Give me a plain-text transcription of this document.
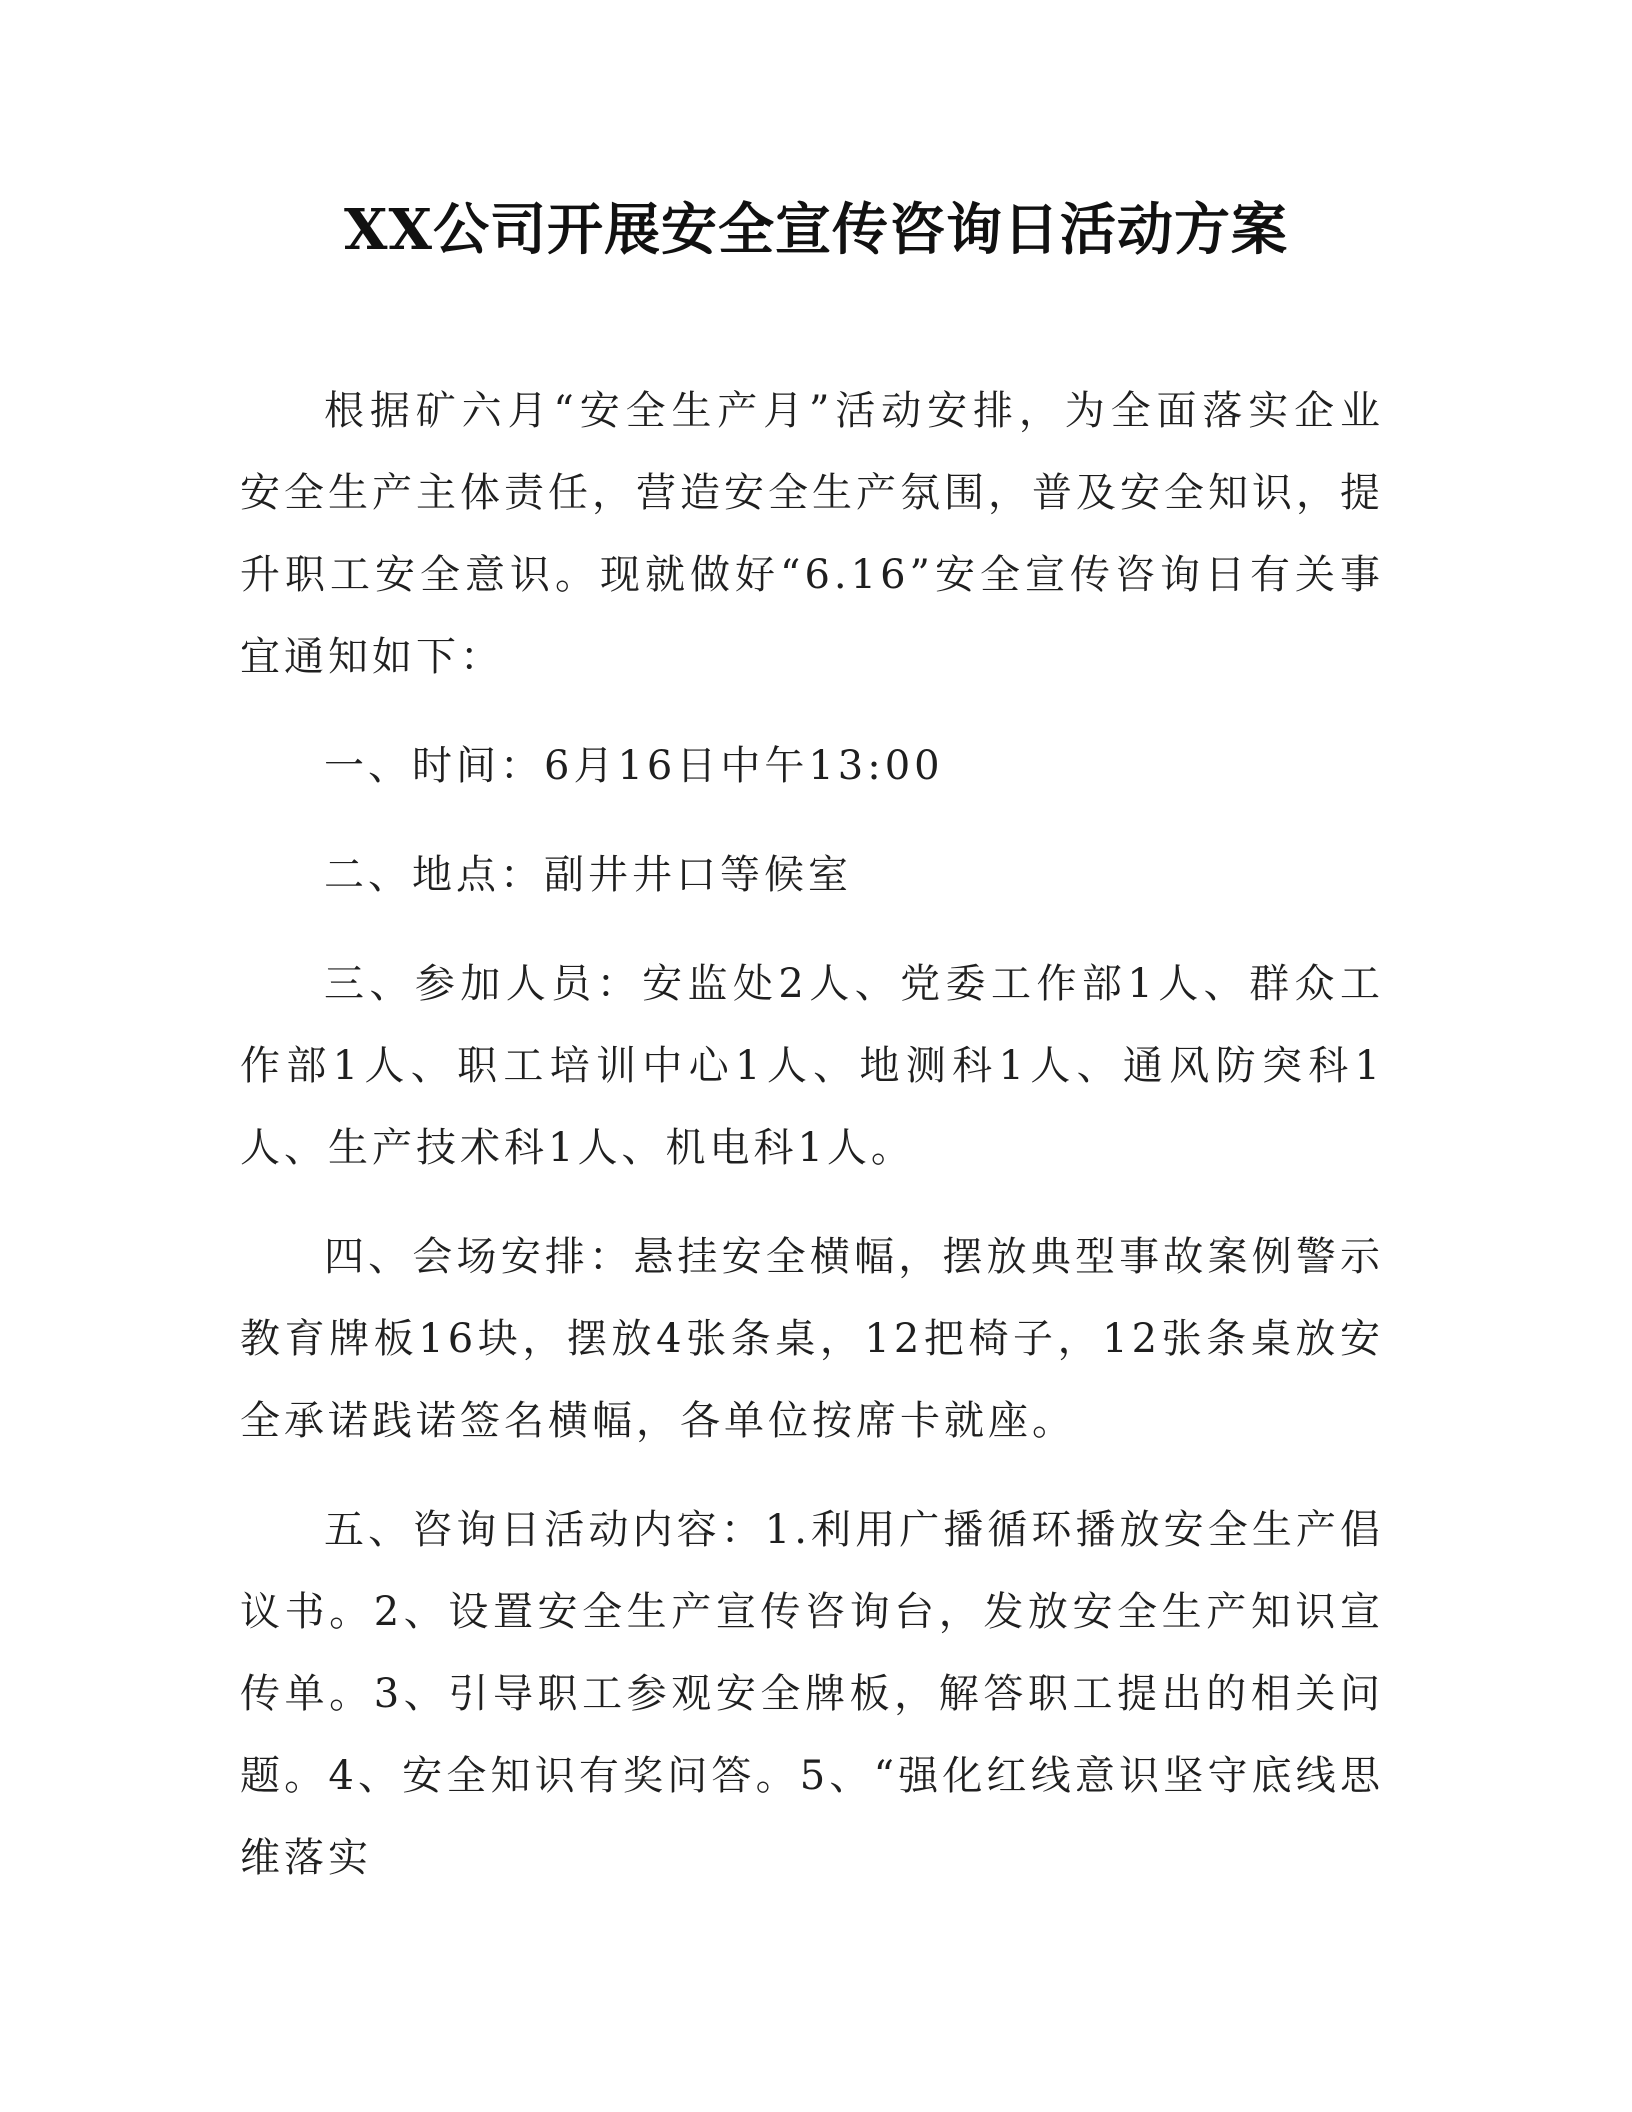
XX公司开展安全宣传咨询日活动方案

根据矿六月“安全生产月”活动安排，为全面落实企业安全生产主体责任，营造安全生产氛围，普及安全知识，提升职工安全意识。现就做好“6.16”安全宣传咨询日有关事宜通知如下：

一、时间：6月16日中午13:00

二、地点：副井井口等候室

三、参加人员：安监处2人、党委工作部1人、群众工作部1人、职工培训中心1人、地测科1人、通风防突科1人、生产技术科1人、机电科1人。

四、会场安排：悬挂安全横幅，摆放典型事故案例警示教育牌板16块，摆放4张条桌，12把椅子，12张条桌放安全承诺践诺签名横幅，各单位按席卡就座。

五、咨询日活动内容：1.利用广播循环播放安全生产倡议书。2、设置安全生产宣传咨询台，发放安全生产知识宣传单。3、引导职工参观安全牌板，解答职工提出的相关问题。4、安全知识有奖问答。5、“强化红线意识坚守底线思维落实
